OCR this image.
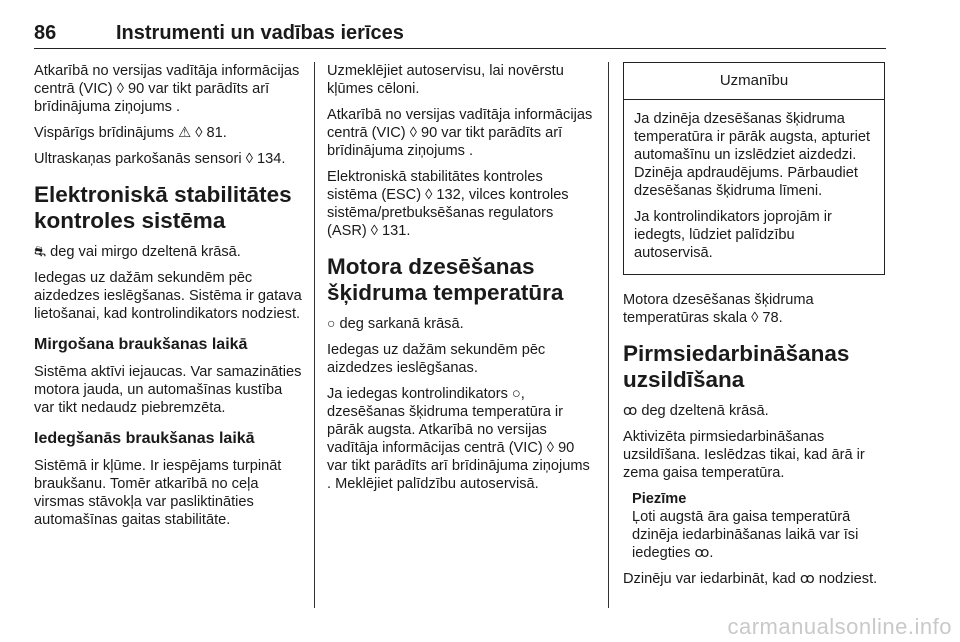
86	Instrumenti un vadības ierīces

Atkarībā no versijas vadītāja informācijas centrā (VIC) ◊ 90 var tikt parādīts arī brīdinājuma ziņojums .

Vispārīgs brīdinājums ⚠ ◊ 81.

Ultraskaņas parkošanās sensori ◊ 134.

Elektroniskā stabilitātes kontroles sistēma

⛐ deg vai mirgo dzeltenā krāsā.

Iedegas uz dažām sekundēm pēc aizdedzes ieslēgšanas. Sistēma ir gatava lietošanai, kad kontrolindikators nodziest.

Mirgošana braukšanas laikā

Sistēma aktīvi iejaucas. Var samazināties motora jauda, un automašīnas kustība var tikt nedaudz piebremzēta.

Iedegšanās braukšanas laikā

Sistēmā ir kļūme. Ir iespējams turpināt braukšanu. Tomēr atkarībā no ceļa virsmas stāvokļa var pasliktināties automašīnas gaitas stabilitāte.

Uzmeklējiet autoservisu, lai novērstu kļūmes cēloni.

Atkarībā no versijas vadītāja informācijas centrā (VIC) ◊ 90 var tikt parādīts arī brīdinājuma ziņojums .

Elektroniskā stabilitātes kontroles sistēma (ESC) ◊ 132, vilces kontroles sistēma/pretbuksēšanas regulators (ASR) ◊ 131.

Motora dzesēšanas šķidruma temperatūra

○ deg sarkanā krāsā.

Iedegas uz dažām sekundēm pēc aizdedzes ieslēgšanas.

Ja iedegas kontrolindikators ○, dzesēšanas šķidruma temperatūra ir pārāk augsta. Atkarībā no versijas vadītāja informācijas centrā (VIC) ◊ 90 var tikt parādīts arī brīdinājuma ziņojums . Meklējiet palīdzību autoservisā.

Uzmanību

Ja dzinēja dzesēšanas šķidruma temperatūra ir pārāk augsta, apturiet automašīnu un izslēdziet aizdedzi. Dzinēja apdraudējums. Pārbaudiet dzesēšanas šķidruma līmeni.

Ja kontrolindikators joprojām ir iedegts, lūdziet palīdzību autoservisā.

Motora dzesēšanas šķidruma temperatūras skala ◊ 78.

Pirmsiedarbināšanas uzsildīšana

ꝏ deg dzeltenā krāsā.

Aktivizēta pirmsiedarbināšanas uzsildīšana. Ieslēdzas tikai, kad ārā ir zema gaisa temperatūra.

Piezīme

Ļoti augstā āra gaisa temperatūrā dzinēja iedarbināšanas laikā var īsi iedegties ꝏ.

Dzinēju var iedarbināt, kad ꝏ nodziest.

carmanualsonline.info
